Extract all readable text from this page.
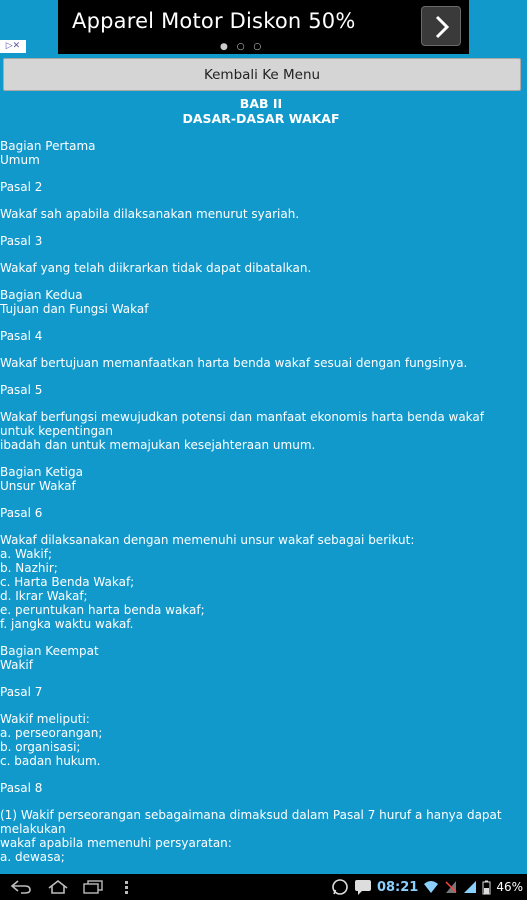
Apparel Motor Diskon 50%
● ○ ○
▷✕
Kembali Ke Menu
BAB II
DASAR-DASAR WAKAF
Bagian Pertama
Umum
Pasal 2
Wakaf sah apabila dilaksanakan menurut syariah.
Pasal 3
Wakaf yang telah diikrarkan tidak dapat dibatalkan.
Bagian Kedua
Tujuan dan Fungsi Wakaf
Pasal 4
Wakaf bertujuan memanfaatkan harta benda wakaf sesuai dengan fungsinya.
Pasal 5
Wakaf berfungsi mewujudkan potensi dan manfaat ekonomis harta benda wakaf untuk kepentingan
ibadah dan untuk memajukan kesejahteraan umum.
Bagian Ketiga
Unsur Wakaf
Pasal 6
Wakaf dilaksanakan dengan memenuhi unsur wakaf sebagai berikut:
a. Wakif;
b. Nazhir;
c. Harta Benda Wakaf;
d. Ikrar Wakaf;
e. peruntukan harta benda wakaf;
f. jangka waktu wakaf.
Bagian Keempat
Wakif
Pasal 7
Wakif meliputi:
a. perseorangan;
b. organisasi;
c. badan hukum.
Pasal 8
(1) Wakif perseorangan sebagaimana dimaksud dalam Pasal 7 huruf a hanya dapat melakukan
wakaf apabila memenuhi persyaratan:
a. dewasa;
08:21	46%
